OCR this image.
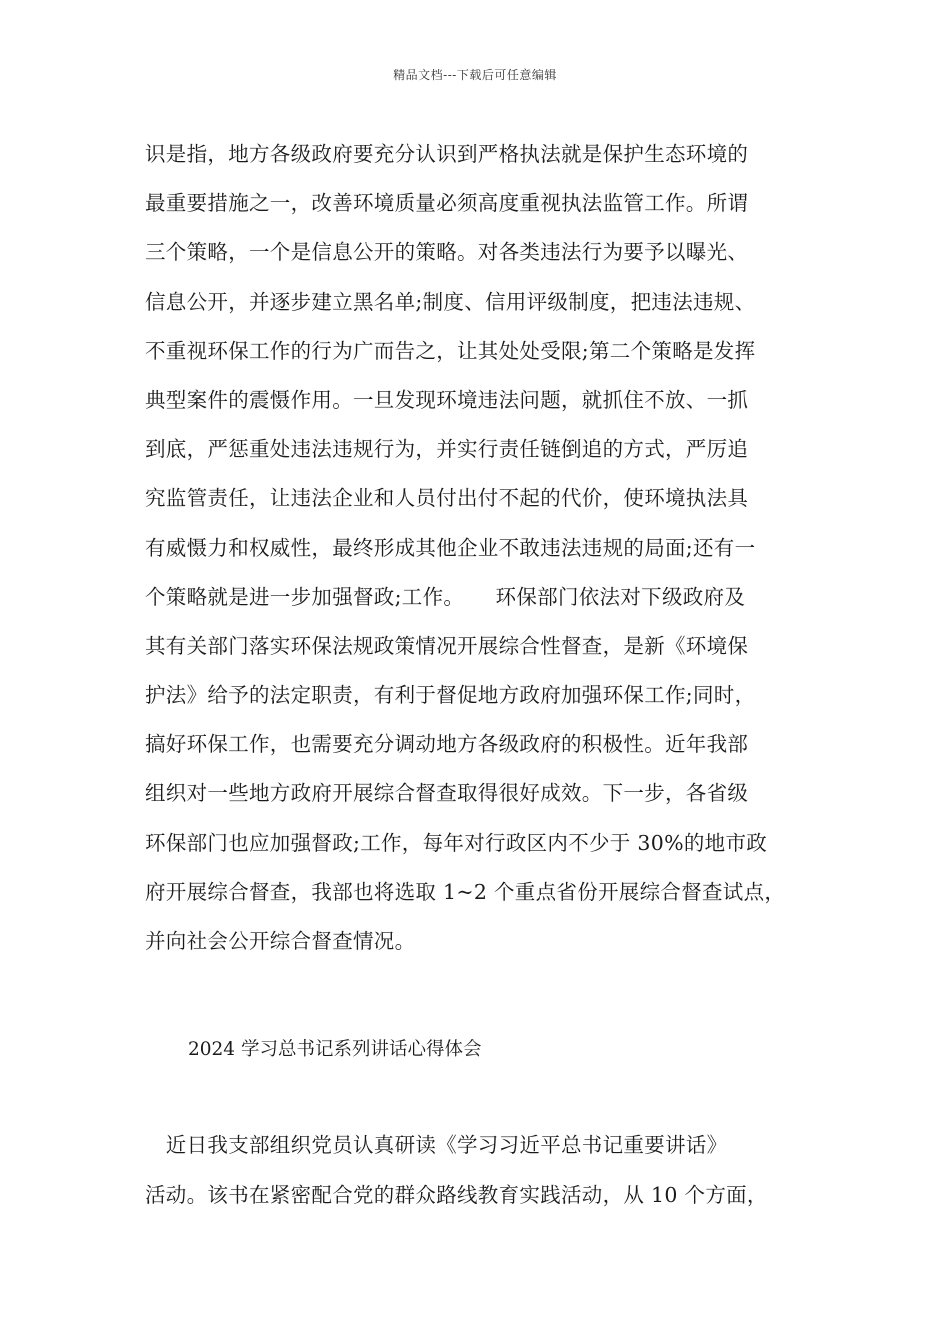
精品文档---下载后可任意编辑
识是指，地方各级政府要充分认识到严格执法就是保护生态环境的
最重要措施之一，改善环境质量必须高度重视执法监管工作。所谓
三个策略，一个是信息公开的策略。对各类违法行为要予以曝光、
信息公开，并逐步建立黑名单;制度、信用评级制度，把违法违规、
不重视环保工作的行为广而告之，让其处处受限;第二个策略是发挥
典型案件的震慑作用。一旦发现环境违法问题，就抓住不放、一抓
到底，严惩重处违法违规行为，并实行责任链倒追的方式，严厉追
究监管责任，让违法企业和人员付出付不起的代价，使环境执法具
有威慑力和权威性，最终形成其他企业不敢违法违规的局面;还有一
个策略就是进一步加强督政;工作。　　环保部门依法对下级政府及
其有关部门落实环保法规政策情况开展综合性督查，是新《环境保
护法》给予的法定职责，有利于督促地方政府加强环保工作;同时，
搞好环保工作，也需要充分调动地方各级政府的积极性。近年我部
组织对一些地方政府开展综合督查取得很好成效。下一步，各省级
环保部门也应加强督政;工作，每年对行政区内不少于 30%的地市政
府开展综合督查，我部也将选取 1~2 个重点省份开展综合督查试点，
并向社会公开综合督查情况。
2024 学习总书记系列讲话心得体会
　近日我支部组织党员认真研读《学习习近平总书记重要讲话》
活动。该书在紧密配合党的群众路线教育实践活动，从 10 个方面，
